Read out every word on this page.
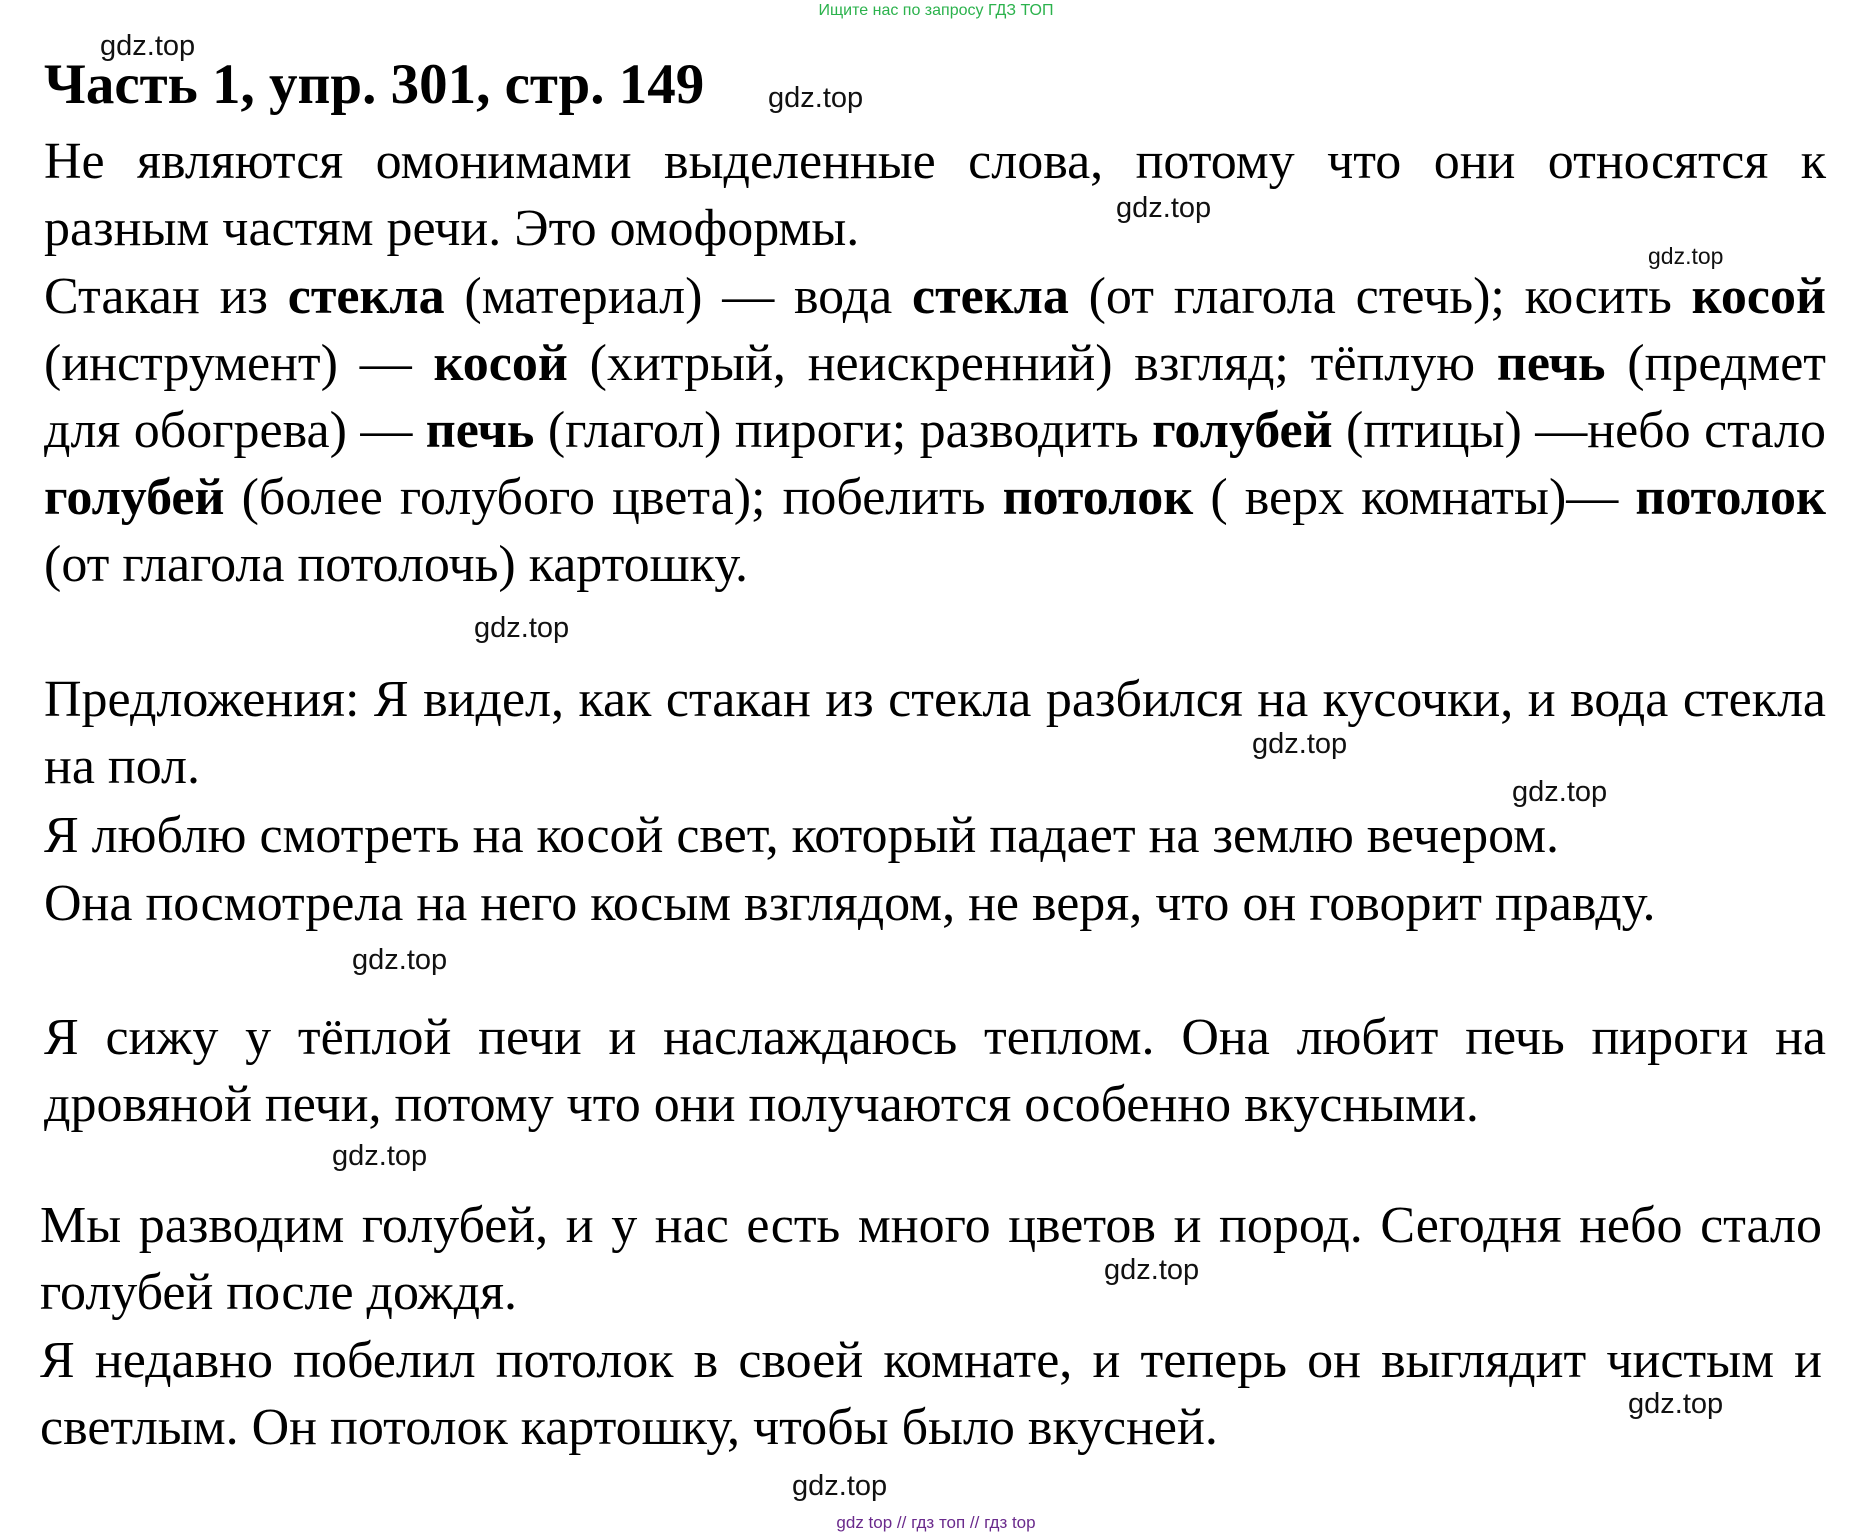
Ищите нас по запросу ГДЗ ТОП
Часть 1, упр. 301, стр. 149
Не являются омонимами выделенные слова, потому что они относятся к разным частям речи. Это омоформы.
Стакан из стекла (материал) — вода стекла (от глагола стечь); косить косой (инструмент) — косой (хитрый, неискренний) взгляд; тёплую печь (предмет для обогрева) — печь (глагол) пироги; разводить голубей (птицы) —небо стало голубей (более голубого цвета); побелить потолок ( верх комнаты)— потолок (от глагола потолочь) картошку.
Предложения: Я видел, как стакан из стекла разбился на кусочки, и вода стекла на пол.
Я люблю смотреть на косой свет, который падает на землю вечером.
Она посмотрела на него косым взглядом, не веря, что он говорит правду.
Я сижу у тёплой печи и наслаждаюсь теплом. Она любит печь пироги на дровяной печи, потому что они получаются особенно вкусными.
Мы разводим голубей, и у нас есть много цветов и пород. Сегодня небо стало голубей после дождя.
Я недавно побелил потолок в своей комнате, и теперь он выглядит чистым и светлым. Он потолок картошку, чтобы было вкусней.
gdz.top
gdz.top
gdz.top
gdz.top
gdz.top
gdz.top
gdz.top
gdz.top
gdz.top
gdz.top
gdz.top
gdz.top
gdz top // гдз топ // гдз top
